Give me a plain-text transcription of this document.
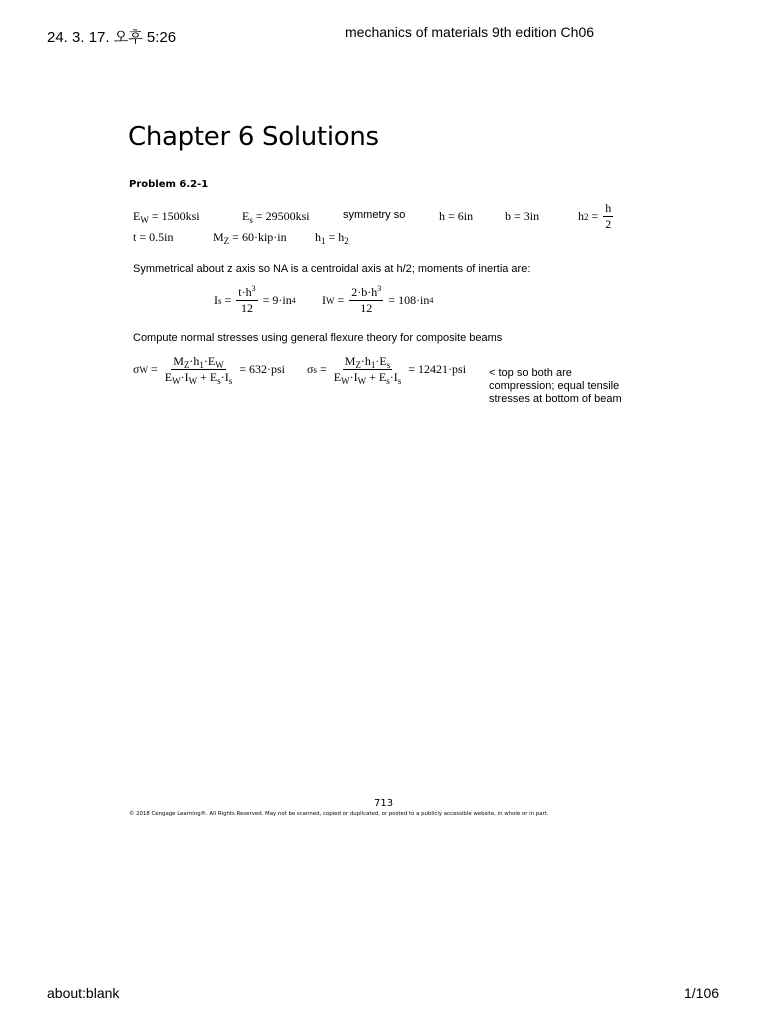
24. 3. 17. 오후 5:26	mechanics of materials 9th edition Ch06
Chapter 6 Solutions
Problem 6.2-1
$E_W = 1500ksi$	$E_s = 29500ksi$	symmetry so	h = 6in	b = 3in	h $2 = \frac{h}{2}$
t = 0.5in	$M_Z = 60\cdot kip\cdot in$ $h_1 = h_2$
Symmetrical about z axis so NA is a centroidal axis at h/2; moments of inertia are:
I $s = \frac{t\cdot h^3}{12} = 9\cdot in$ 4 I $W = \frac{2\cdot b\cdot h^3}{12} = 108\cdot in$ 4
Compute normal stresses using general flexure theory for composite beams
σ $W = \frac{M_Z\cdot h_1\cdot E_W}{E_W\cdot I_W + E_s\cdot I_s} = 632\cdot psi$ σ $s = \frac{M_Z\cdot h_1\cdot E_s}{E_W\cdot I_W + E_s\cdot I_s} = 12421\cdot psi$ < top so both are
compression; equal tensile
stresses at bottom of beam
713
© 2018 Cengage Learning®. All Rights Reserved. May not be scanned, copied or duplicated, or posted to a publicly accessible website, in whole or in part.
about:blank	1/106
